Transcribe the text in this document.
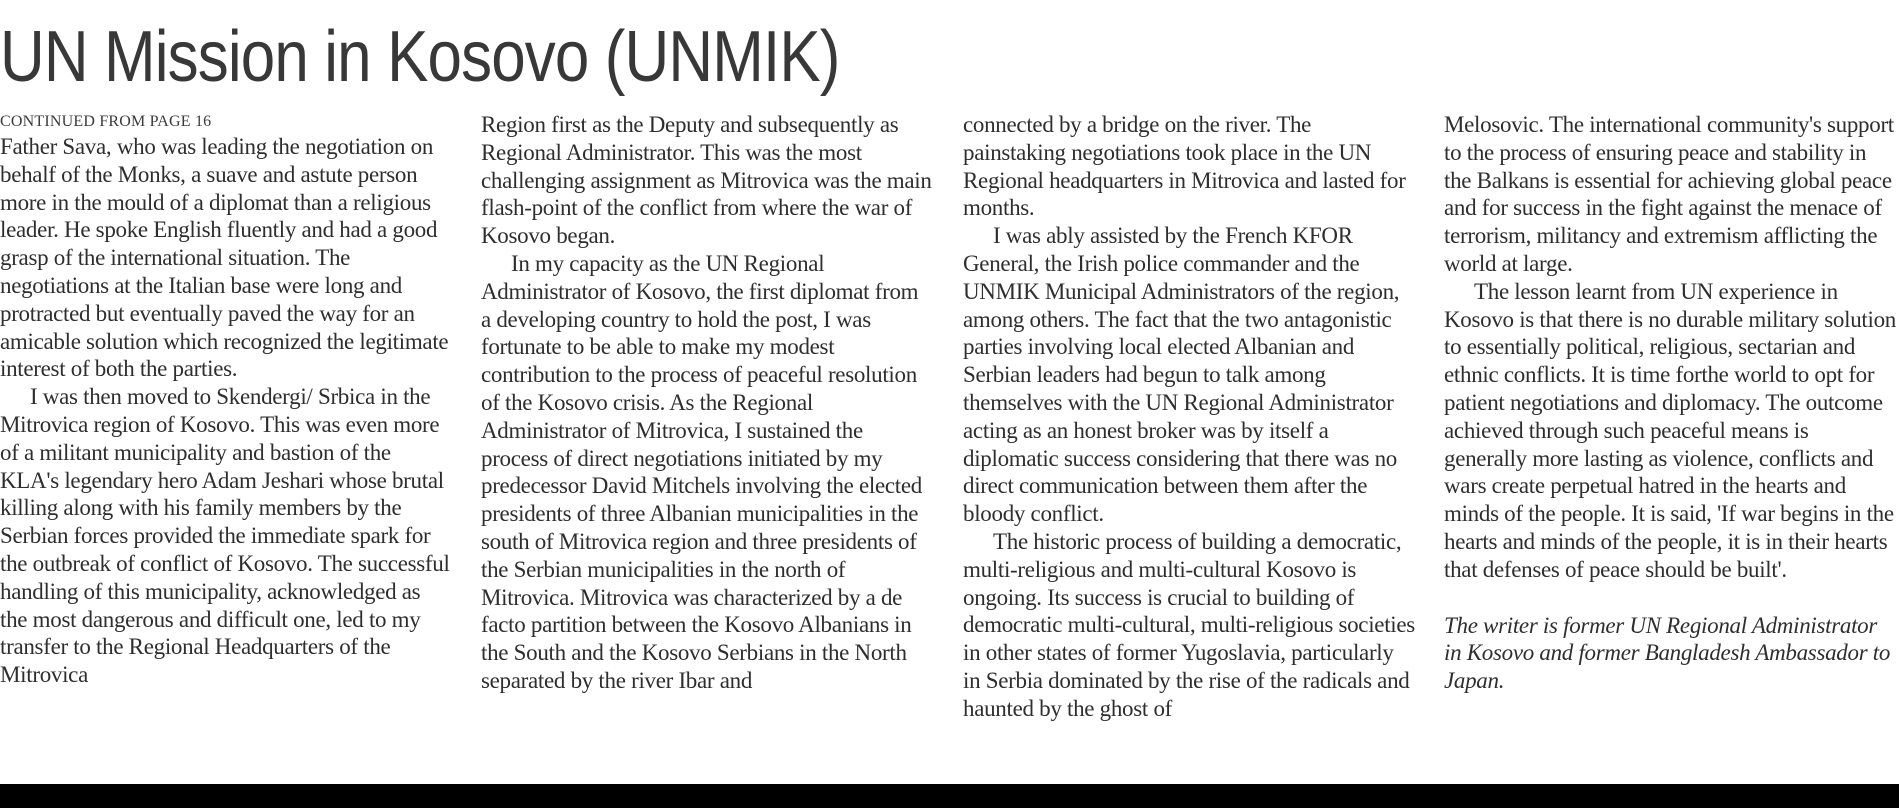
UN Mission in Kosovo (UNMIK)
CONTINUED FROM PAGE 16

Father Sava, who was leading the negotiation on behalf of the Monks, a suave and astute person more in the mould of a diplomat than a religious leader. He spoke English fluently and had a good grasp of the international situation. The negotiations at the Italian base were long and protracted but eventually paved the way for an amicable solution which recognized the legitimate interest of both the parties.

I was then moved to Skendergi/ Srbica in the Mitrovica region of Kosovo. This was even more of a militant municipality and bastion of the KLA's legendary hero Adam Jeshari whose brutal killing along with his family members by the Serbian forces provided the immediate spark for the outbreak of conflict of Kosovo. The successful handling of this municipality, acknowledged as the most dangerous and difficult one, led to my transfer to the Regional Headquarters of the Mitrovica

Region first as the Deputy and subsequently as Regional Administrator. This was the most challenging assignment as Mitrovica was the main flash-point of the conflict from where the war of Kosovo began.

In my capacity as the UN Regional Administrator of Kosovo, the first diplomat from a developing country to hold the post, I was fortunate to be able to make my modest contribution to the process of peaceful resolution of the Kosovo crisis. As the Regional Administrator of Mitrovica, I sustained the process of direct negotiations initiated by my predecessor David Mitchels involving the elected presidents of three Albanian municipalities in the south of Mitrovica region and three presidents of the Serbian municipalities in the north of Mitrovica. Mitrovica was characterized by a de facto partition between the Kosovo Albanians in the South and the Kosovo Serbians in the North separated by the river Ibar and

connected by a bridge on the river. The painstaking negotiations took place in the UN Regional headquarters in Mitrovica and lasted for months.

I was ably assisted by the French KFOR General, the Irish police commander and the UNMIK Municipal Administrators of the region, among others. The fact that the two antagonistic parties involving local elected Albanian and Serbian leaders had begun to talk among themselves with the UN Regional Administrator acting as an honest broker was by itself a diplomatic success considering that there was no direct communication between them after the bloody conflict.

The historic process of building a democratic, multi-religious and multi-cultural Kosovo is ongoing. Its success is crucial to building of democratic multi-cultural, multi-religious societies in other states of former Yugoslavia, particularly in Serbia dominated by the rise of the radicals and haunted by the ghost of

Melosovic. The international community's support to the process of ensuring peace and stability in the Balkans is essential for achieving global peace and for success in the fight against the menace of terrorism, militancy and extremism afflicting the world at large.

The lesson learnt from UN experience in Kosovo is that there is no durable military solution to essentially political, religious, sectarian and ethnic conflicts. It is time forthe world to opt for patient negotiations and diplomacy. The outcome achieved through such peaceful means is generally more lasting as violence, conflicts and wars create perpetual hatred in the hearts and minds of the people. It is said, 'If war begins in the hearts and minds of the people, it is in their hearts that defenses of peace should be built'.

The writer is former UN Regional Administrator in Kosovo and former Bangladesh Ambassador to Japan.
